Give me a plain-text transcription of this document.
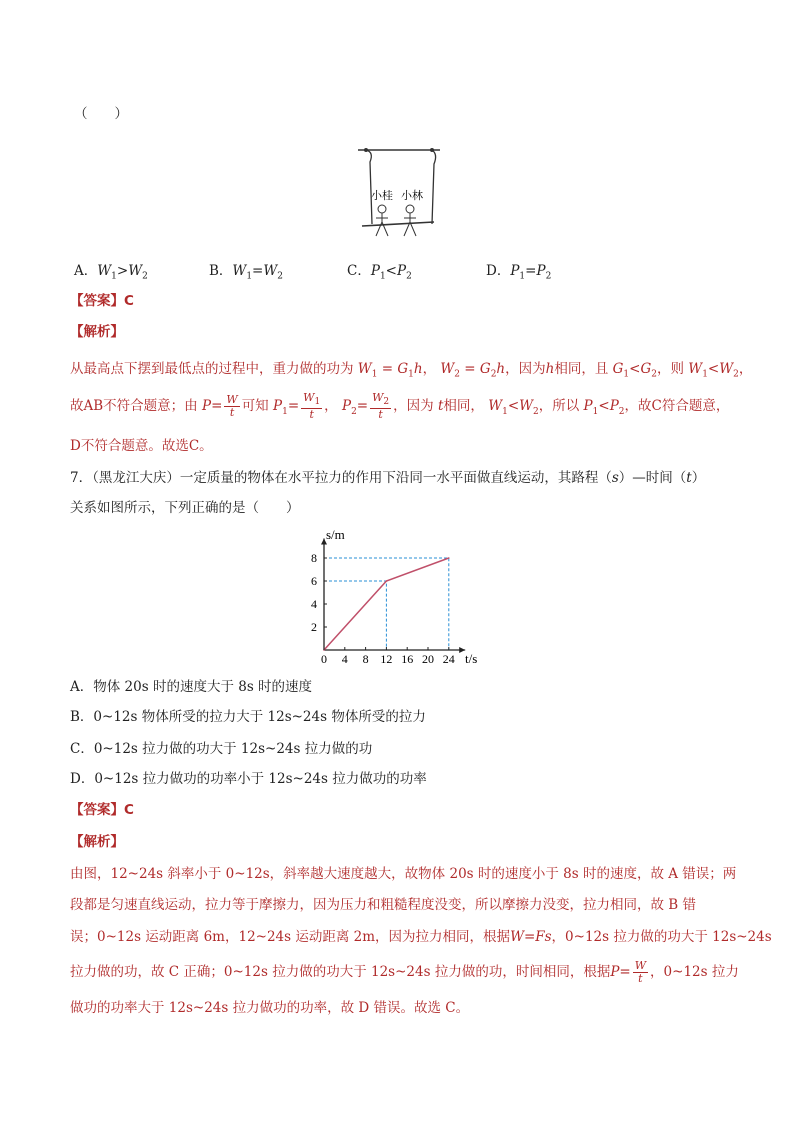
（　　）
小桂 小林
A．$W_1>W_2$	B．$W_1=W_2$	C．$P_1<P_2$	D．$P_1=P_2$
【答案】C
【解析】
从最高点下摆到最低点的过程中，重力做的功为 $W_1 = G_1h$， $W_2 = G_2h$，因为h相同，且 $G_1<G_2$，则 $W_1<W_2$，
故AB不符合题意；由 $P= \frac{W}{t}$ 可知 $P_1= \frac{W_1}{t}$ ， $P_2= \frac{W_2}{t}$ ，因为 t相同， $W_1<W_2$，所以 $P_1<P_2$，故C符合题意，
D不符合题意。故选C。
7．（黑龙江大庆）一定质量的物体在水平拉力的作用下沿同一水平面做直线运动，其路程（s）—时间（t）
关系如图所示，下列正确的是（　　）
0 4 8 12 16 20 24
2
4
6
8
s/m
t/s
A．物体 20s 时的速度大于 8s 时的速度
B．0~12s 物体所受的拉力大于 12s~24s 物体所受的拉力
C．0~12s 拉力做的功大于 12s~24s 拉力做的功
D．0~12s 拉力做功的功率小于 12s~24s 拉力做功的功率
【答案】C
【解析】
由图，12~24s 斜率小于 0~12s，斜率越大速度越大，故物体 20s 时的速度小于 8s 时的速度，故 A 错误；两
段都是匀速直线运动，拉力等于摩擦力，因为压力和粗糙程度没变，所以摩擦力没变，拉力相同，故 B 错
误；0~12s 运动距离 6m，12~24s 运动距离 2m，因为拉力相同，根据W=Fs，0~12s 拉力做的功大于 12s~24s
拉力做的功，故 C 正确；0~12s 拉力做的功大于 12s~24s 拉力做的功，时间相同，根据$P= \frac{W}{t}$ ，0~12s 拉力
做功的功率大于 12s~24s 拉力做功的功率，故 D 错误。故选 C。
